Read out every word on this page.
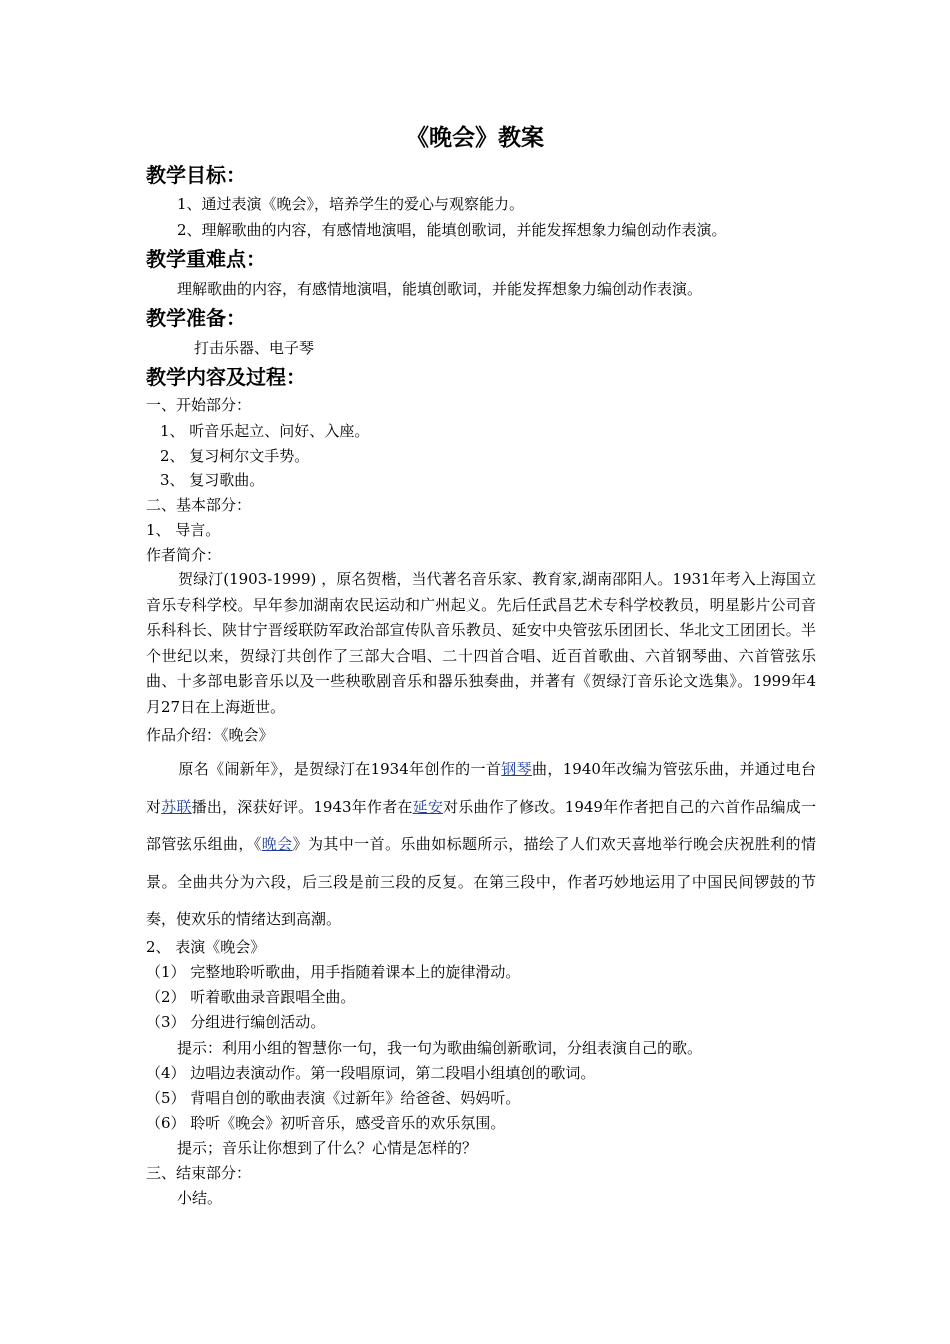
《晚会》教案
教学目标：
1、通过表演《晚会》，培养学生的爱心与观察能力。
2、理解歌曲的内容，有感情地演唱，能填创歌词，并能发挥想象力编创动作表演。
教学重难点：
理解歌曲的内容，有感情地演唱，能填创歌词，并能发挥想象力编创动作表演。
教学准备：
打击乐器、电子琴
教学内容及过程：
一、开始部分：
1、 听音乐起立、问好、入座。
2、 复习柯尔文手势。
3、 复习歌曲。
二、基本部分：
1、 导言。
作者简介：
贺绿汀(1903-1999) ，原名贺楷，当代著名音乐家、教育家,湖南邵阳人。1931年考入上海国立音乐专科学校。早年参加湖南农民运动和广州起义。先后任武昌艺术专科学校教员，明星影片公司音乐科科长、陕甘宁晋绥联防军政治部宣传队音乐教员、延安中央管弦乐团团长、华北文工团团长。半个世纪以来，贺绿汀共创作了三部大合唱、二十四首合唱、近百首歌曲、六首钢琴曲、六首管弦乐曲、十多部电影音乐以及一些秧歌剧音乐和器乐独奏曲，并著有《贺绿汀音乐论文选集》。1999年4月27日在上海逝世。
作品介绍：《晚会》
原名《闹新年》，是贺绿汀在1934年创作的一首钢琴曲，1940年改编为管弦乐曲，并通过电台对苏联播出，深获好评。1943年作者在延安对乐曲作了修改。1949年作者把自己的六首作品编成一部管弦乐组曲，《晚会》为其中一首。乐曲如标题所示，描绘了人们欢天喜地举行晚会庆祝胜利的情景。全曲共分为六段，后三段是前三段的反复。在第三段中，作者巧妙地运用了中国民间锣鼓的节奏，使欢乐的情绪达到高潮。
2、 表演《晚会》
（1） 完整地聆听歌曲，用手指随着课本上的旋律滑动。
（2） 听着歌曲录音跟唱全曲。
（3） 分组进行编创活动。
提示：利用小组的智慧你一句，我一句为歌曲编创新歌词，分组表演自己的歌。
（4） 边唱边表演动作。第一段唱原词，第二段唱小组填创的歌词。
（5） 背唱自创的歌曲表演《过新年》给爸爸、妈妈听。
（6） 聆听《晚会》初听音乐，感受音乐的欢乐氛围。
提示；音乐让你想到了什么？心情是怎样的？
三、结束部分：
小结。
